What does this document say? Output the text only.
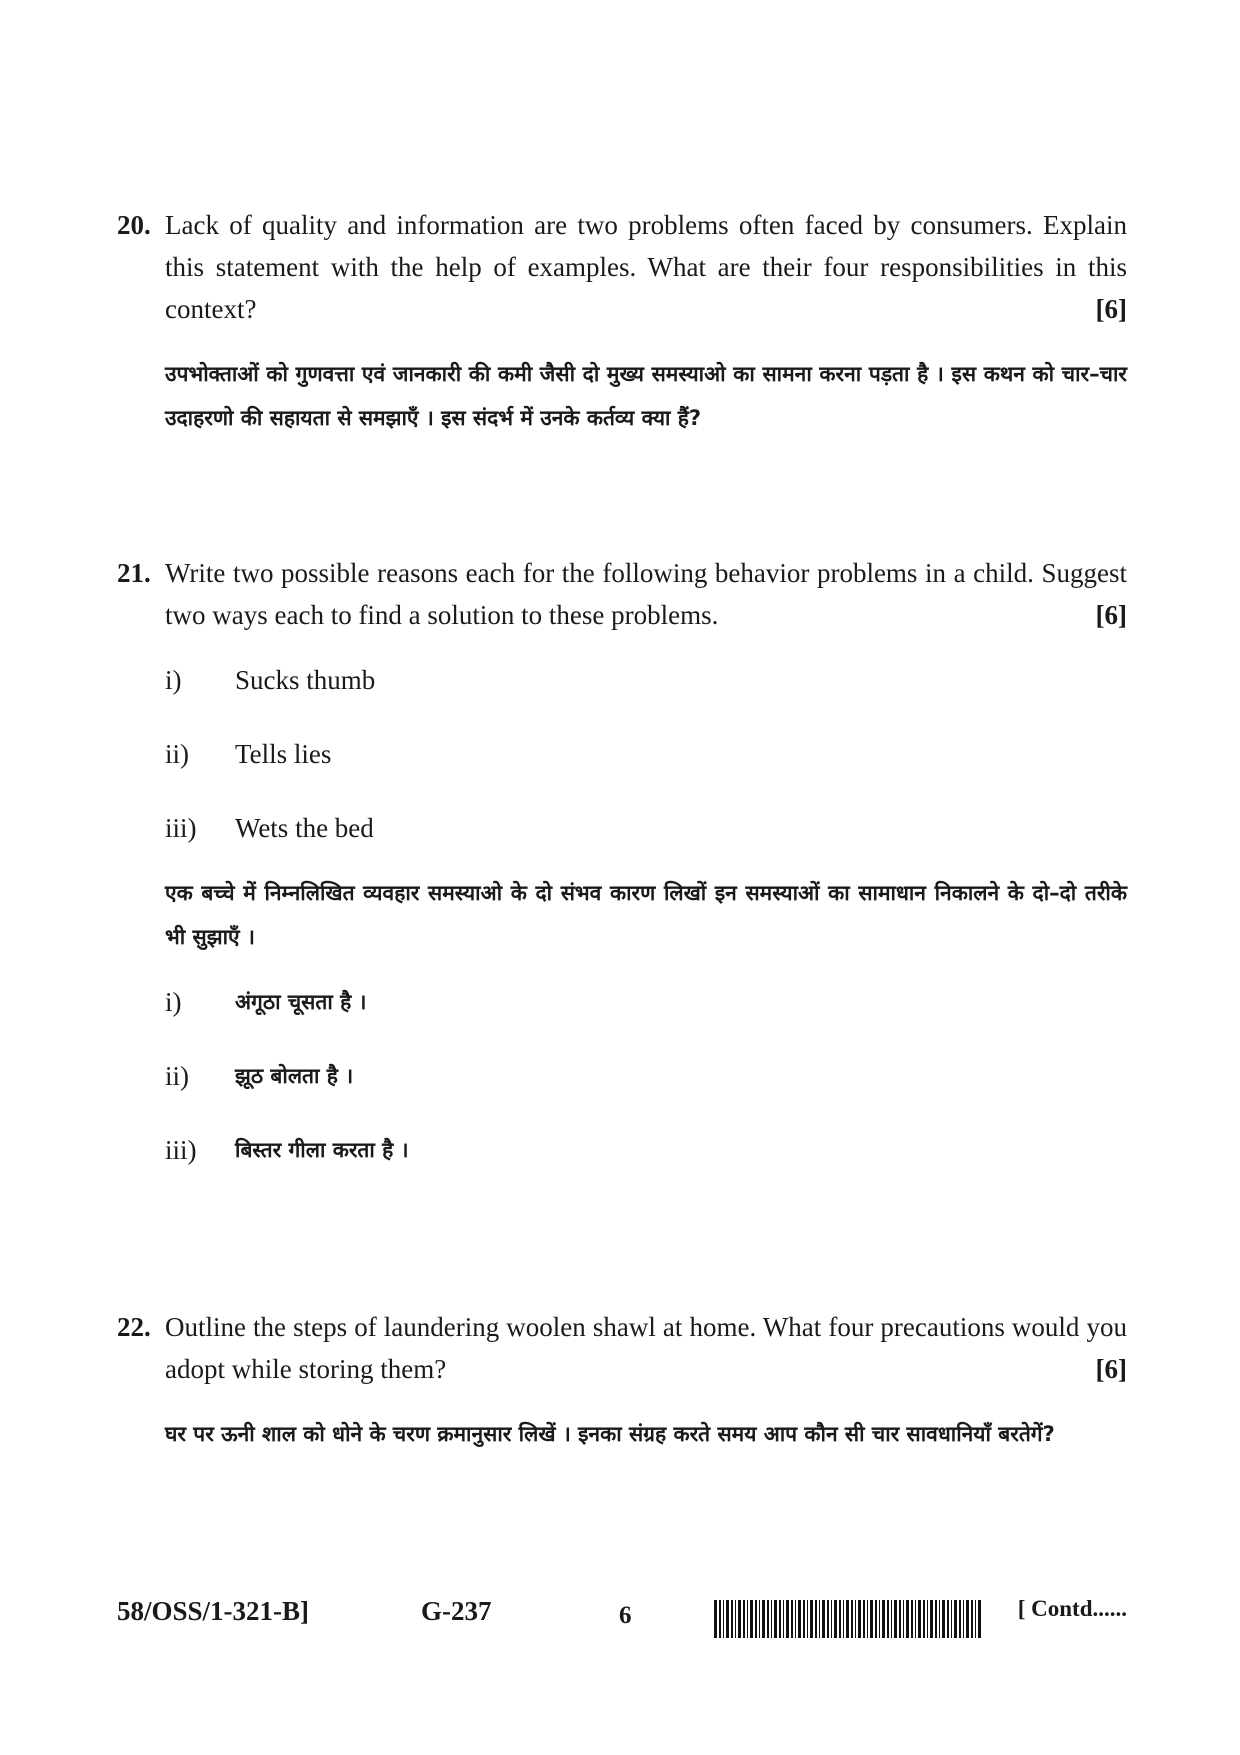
20. Lack of quality and information are two problems often faced by consumers. Explain this statement with the help of examples. What are their four responsibilities in this context?	[6]
उपभोक्ताओं को गुणवत्ता एवं जानकारी की कमी जैसी दो मुख्य समस्याओ का सामना करना पड़ता है । इस कथन को चार–चार उदाहरणो की सहायता से समझाएँ । इस संदर्भ में उनके कर्तव्य क्या हैं?
21. Write two possible reasons each for the following behavior problems in a child. Suggest two ways each to find a solution to these problems.	[6]
i) Sucks thumb
ii) Tells lies
iii) Wets the bed
एक बच्चे में निम्नलिखित व्यवहार समस्याओ के दो संभव कारण लिखों इन समस्याओं का सामाधान निकालने के दो–दो तरीके भी सुझाएँ ।
i)	अंगूठा चूसता है ।
ii) झूठ बोलता है ।
iii) बिस्तर गीला करता है ।
22. Outline the steps of laundering woolen shawl at home. What four precautions would you adopt while storing them?	[6]
घर पर ऊनी शाल को धोने के चरण क्रमानुसार लिखें । इनका संग्रह करते समय आप कौन सी चार सावधानियॉं बरतेगें?
58/OSS/1-321-B]	G-237	6	[ Contd......
